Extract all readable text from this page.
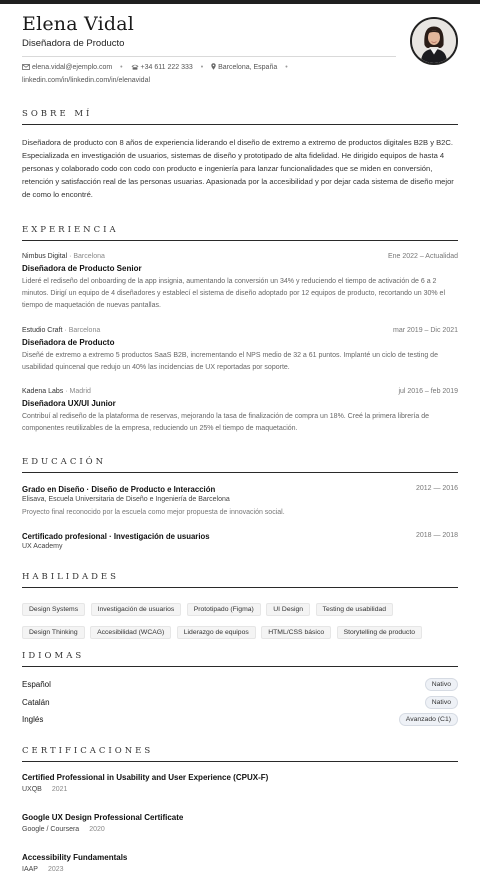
Elena Vidal
Diseñadora de Producto
elena.vidal@ejemplo.com •	+34 611 222 333 • Barcelona, España •
linkedin.com/in/linkedin.com/in/elenavidal
SOBRE MÍ
Diseñadora de producto con 8 años de experiencia liderando el diseño de extremo a extremo de productos digitales B2B y B2C. Especializada en investigación de usuarios, sistemas de diseño y prototipado de alta fidelidad. He dirigido equipos de hasta 4 personas y colaborado codo con codo con producto e ingeniería para lanzar funcionalidades que se miden en conversión, retención y satisfacción real de las personas usuarias. Apasionada por la accesibilidad y por dejar cada sistema de diseño mejor de como lo encontré.
EXPERIENCIA
Nimbus Digital · Barcelona	Ene 2022 – Actualidad
Diseñadora de Producto Senior
Lideré el rediseño del onboarding de la app insignia, aumentando la conversión un 34% y reduciendo el tiempo de activación de 6 a 2 minutos. Dirigí un equipo de 4 diseñadores y establecí el sistema de diseño adoptado por 12 equipos de producto, recortando un 30% el tiempo de maquetación de nuevas pantallas.
Estudio Craft · Barcelona	mar 2019 – Dic 2021
Diseñadora de Producto
Diseñé de extremo a extremo 5 productos SaaS B2B, incrementando el NPS medio de 32 a 61 puntos. Implanté un ciclo de testing de usabilidad quincenal que redujo un 40% las incidencias de UX reportadas por soporte.
Kadena Labs · Madrid	jul 2016 – feb 2019
Diseñadora UX/UI Junior
Contribuí al rediseño de la plataforma de reservas, mejorando la tasa de finalización de compra un 18%. Creé la primera librería de componentes reutilizables de la empresa, reduciendo un 25% el tiempo de maquetación.
EDUCACIÓN
Grado en Diseño · Diseño de Producto e Interacción	2012 — 2016
Elisava, Escuela Universitaria de Diseño e Ingeniería de Barcelona
Proyecto final reconocido por la escuela como mejor propuesta de innovación social.
Certificado profesional · Investigación de usuarios	2018 — 2018
UX Academy
HABILIDADES
Design Systems	Investigación de usuarios	Prototipado (Figma)	UI Design	Testing de usabilidad Design Thinking	Accesibilidad (WCAG)	Liderazgo de equipos	HTML/CSS básico	Storytelling de producto
IDIOMAS
Español	Nativo
Catalán	Nativo
Inglés	Avanzado (C1)
CERTIFICACIONES
Certified Professional in Usability and User Experience (CPUX-F)
UXQB 2021
Google UX Design Professional Certificate
Google / Coursera 2020
Accessibility Fundamentals
IAAP 2023
